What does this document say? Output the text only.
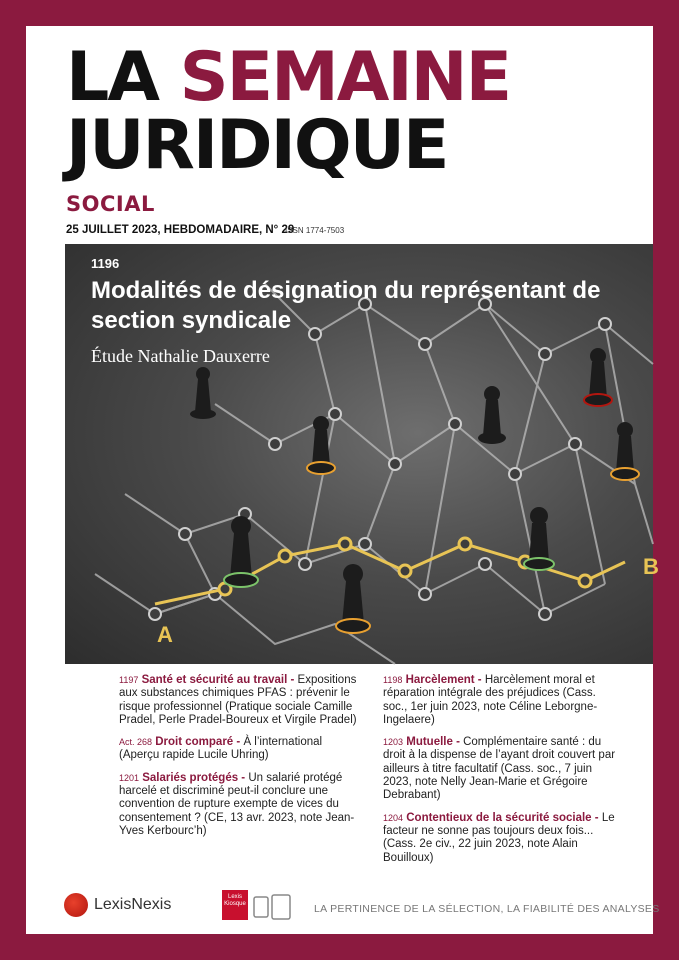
LA SEMAINE
JURIDIQUE
SOCIAL
25 JUILLET 2023, HEBDOMADAIRE, N° 29
ISSN 1774-7503
A
B
1196
Modalités de désignation du représentant de section syndicale
Étude Nathalie Dauxerre
1197 Santé et sécurité au travail - Expositions aux substances chimiques PFAS : prévenir le risque professionnel (Pratique sociale Camille Pradel, Perle Pradel-Boureux et Virgile Pradel)
Act. 268 Droit comparé - À l’international (Aperçu rapide Lucile Uhring)
1201 Salariés protégés - Un salarié protégé harcelé et discriminé peut-il conclure une convention de rupture exempte de vices du consentement ? (CE, 13 avr. 2023, note Jean-Yves Kerbourc’h)
1198 Harcèlement - Harcèlement moral et réparation intégrale des préjudices (Cass. soc., 1er juin 2023, note Céline Leborgne-Ingelaere)
1203 Mutuelle - Complémentaire santé : du droit à la dispense de l’ayant droit couvert par ailleurs à titre facultatif (Cass. soc., 7 juin 2023, note Nelly Jean-Marie et Grégoire Debrabant)
1204 Contentieux de la sécurité sociale - Le facteur ne sonne pas toujours deux fois... (Cass. 2e civ., 22 juin 2023, note Alain Bouilloux)
LexisNexis	Lexis Kiosque	LA PERTINENCE DE LA SÉLECTION, LA FIABILITÉ DES ANALYSES
